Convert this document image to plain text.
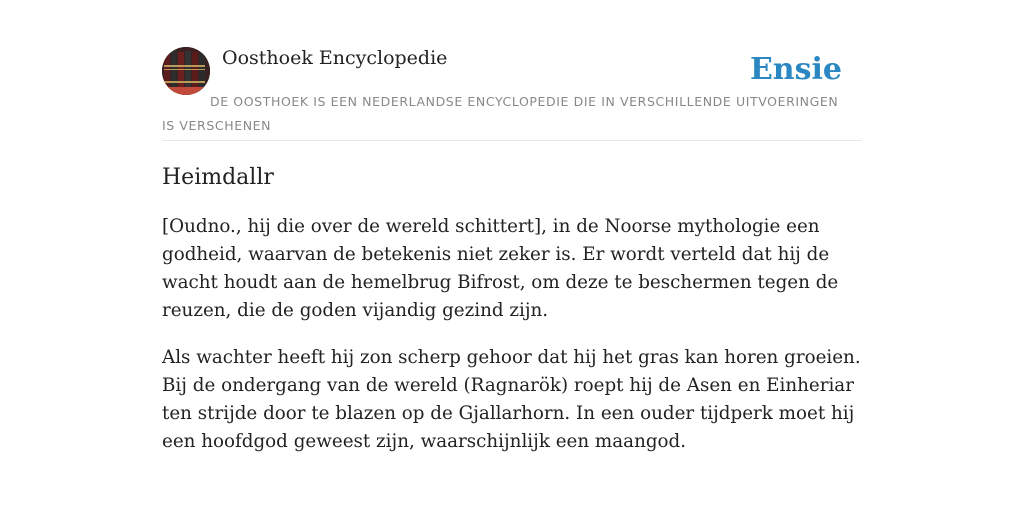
Oosthoek Encyclopedie	Ensie
DE OOSTHOEK IS EEN NEDERLANDSE ENCYCLOPEDIE DIE IN VERSCHILLENDE UITVOERINGEN IS VERSCHENEN
Heimdallr

[Oudno., hij die over de wereld schittert], in de Noorse mythologie een godheid, waarvan de betekenis niet zeker is. Er wordt verteld dat hij de wacht houdt aan de hemelbrug Bifrost, om deze te beschermen tegen de reuzen, die de goden vijandig gezind zijn.

Als wachter heeft hij zon scherp gehoor dat hij het gras kan horen groeien. Bij de ondergang van de wereld (Ragnarök) roept hij de Asen en Einheriar ten strijde door te blazen op de Gjallarhorn. In een ouder tijdperk moet hij een hoofdgod geweest zijn, waarschijnlijk een maangod.
